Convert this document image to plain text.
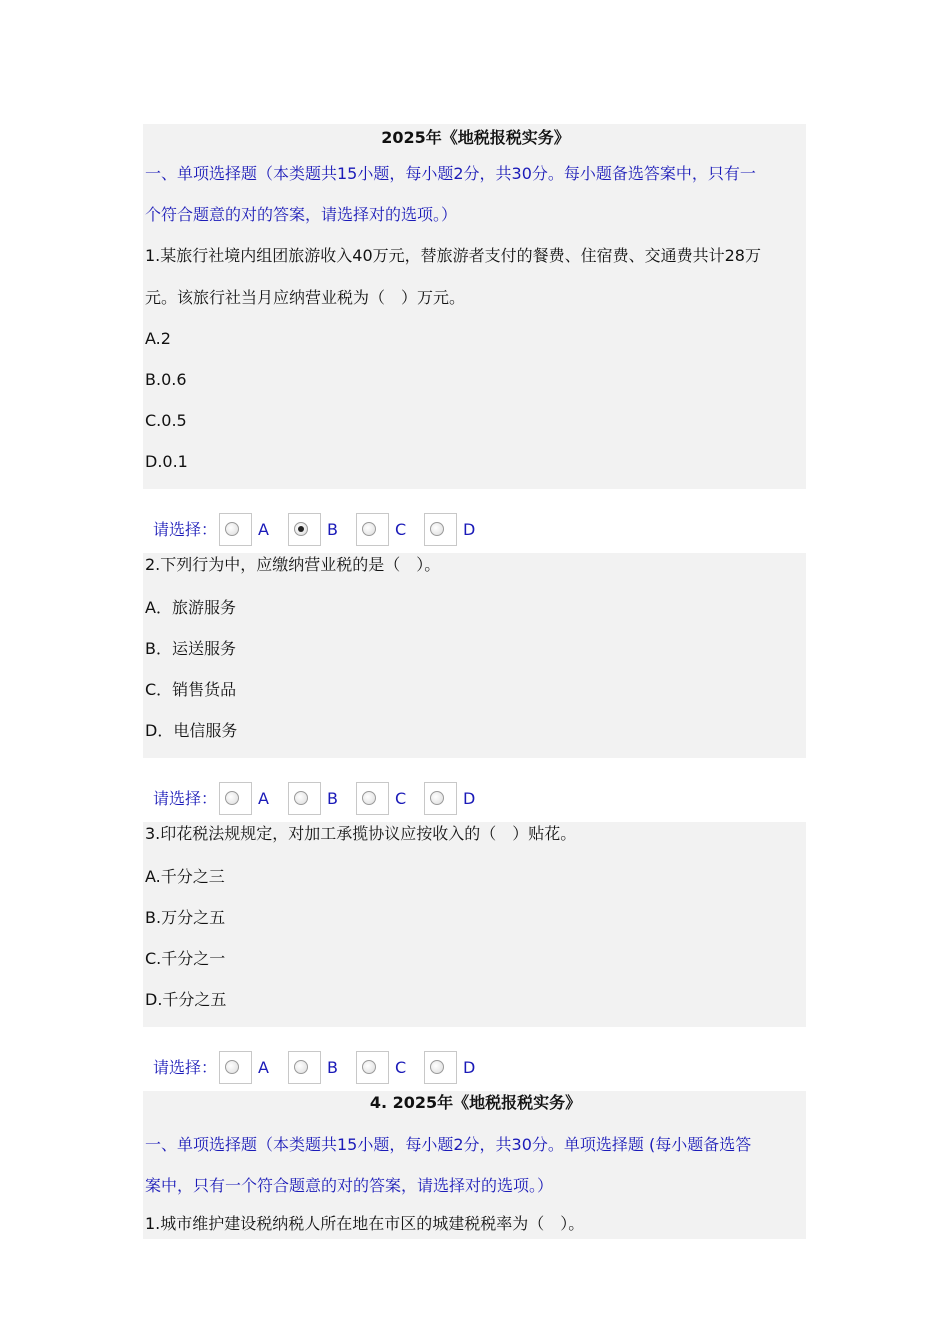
2025年《地税报税实务》
一、单项选择题（本类题共15小题，每小题2分，共30分。每小题备选答案中，只有一
个符合题意的对的答案，请选择对的选项。）
1.某旅行社境内组团旅游收入40万元，替旅游者支付的餐费、住宿费、交通费共计28万
元。该旅行社当月应纳营业税为（　）万元。
A.2
B.0.6
C.0.5
D.0.1
请选择：	A	B	C	D
2.下列行为中，应缴纳营业税的是（　）。
A．旅游服务
B．运送服务
C．销售货品
D．电信服务
请选择：	A	B	C	D
3.印花税法规规定，对加工承揽协议应按收入的（　）贴花。
A.千分之三
B.万分之五
C.千分之一
D.千分之五
请选择：	A	B	C	D
4. 2025年《地税报税实务》
一、单项选择题（本类题共15小题，每小题2分，共30分。单项选择题 (每小题备选答
案中，只有一个符合题意的对的答案，请选择对的选项。）
1.城市维护建设税纳税人所在地在市区的城建税税率为（　）。
